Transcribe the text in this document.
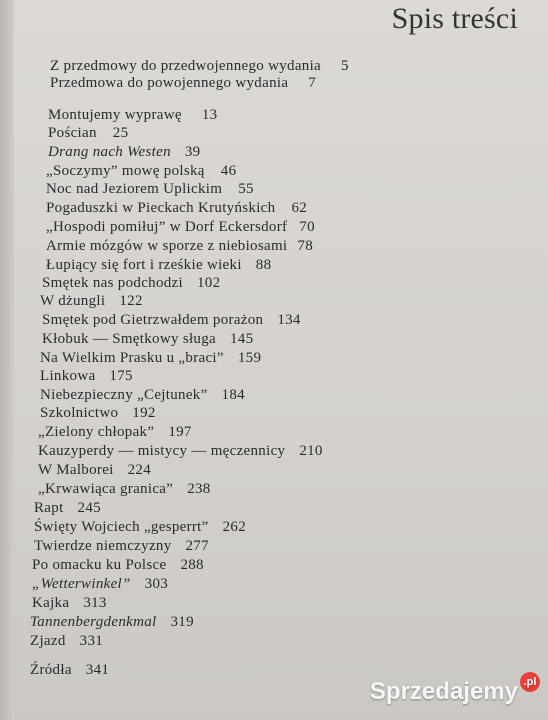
Spis treści
Z przedmowy do przedwojennego wydania 5
Przedmowa do powojennego wydania 7
Montujemy wyprawę 13
Pościan 25
Drang nach Westen 39
„Soczymy” mowę polską 46
Noc nad Jeziorem Uplickim 55
Pogaduszki w Pieckach Krutyńskich 62
„Hospodi pomiłuj” w Dorf Eckersdorf 70
Armie mózgów w sporze z niebiosami 78
Łupiący się fort i rześkie wieki 88
Smętek nas podchodzi 102
W dżungli 122
Smętek pod Gietrzwałdem porażon 134
Kłobuk — Smętkowy sługa 145
Na Wielkim Prasku u „braci” 159
Linkowa 175
Niebezpieczny „Cejtunek” 184
Szkolnictwo 192
„Zielony chłopak” 197
Kauzyperdy — mistycy — męczennicy 210
W Malborei 224
„Krwawiąca granica” 238
Rapt 245
Święty Wojciech „gesperrt” 262
Twierdze niemczyzny 277
Po omacku ku Polsce 288
„Wetterwinkel” 303
Kajka 313
Tannenbergdenkmal 319
Zjazd 331
Źródła 341
Sprzedajemy .pl
